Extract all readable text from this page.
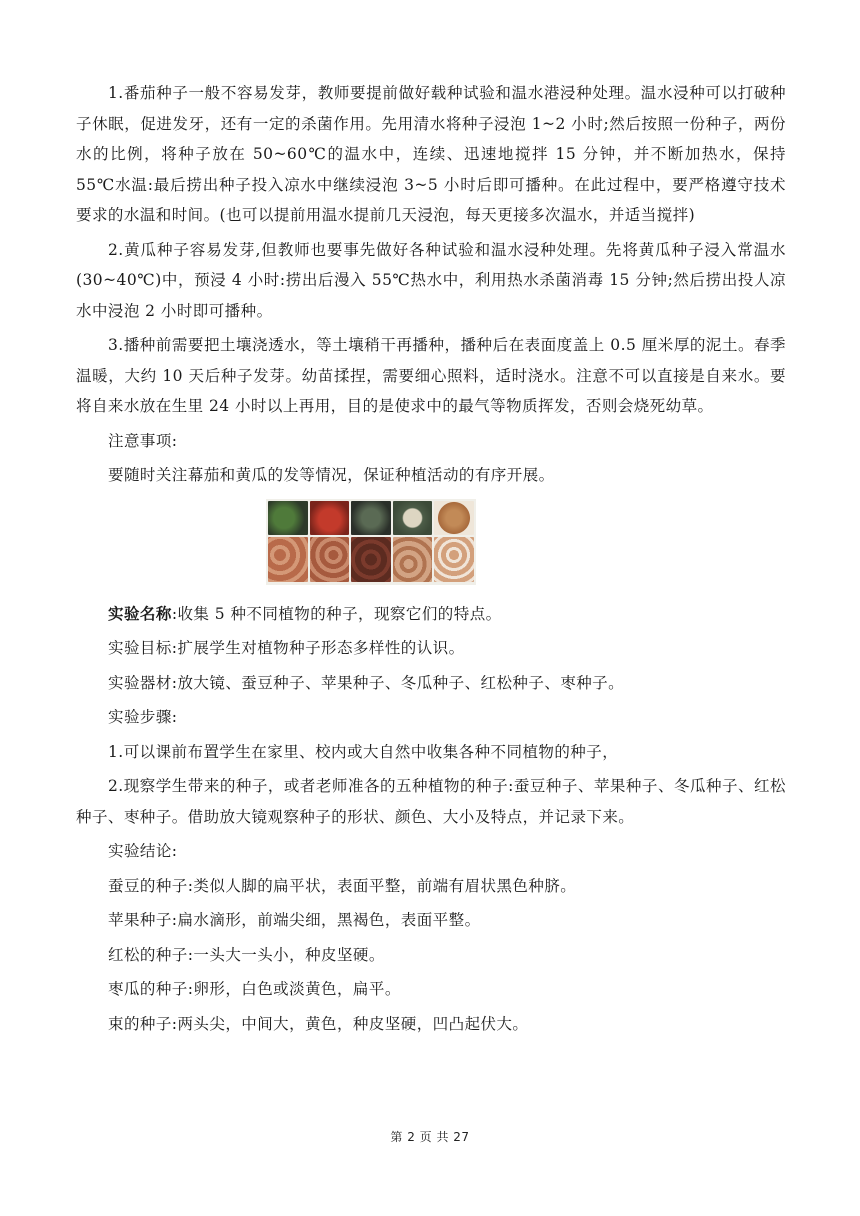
1.番茄种子一般不容易发芽，教师要提前做好载种试验和温水港浸种处理。温水浸种可以打破种子休眠，促进发牙，还有一定的杀菌作用。先用清水将种子浸泡 1~2 小时;然后按照一份种子，两份水的比例，将种子放在 50~60℃的温水中，连续、迅速地搅拌 15 分钟，并不断加热水，保持 55℃水温:最后捞出种子投入凉水中继续浸泡 3~5 小时后即可播种。在此过程中，要严格遵守技术要求的水温和时间。(也可以提前用温水提前几天浸泡，每天更接多次温水，并适当搅拌)

2.黄瓜种子容易发芽,但教师也要事先做好各种试验和温水浸种处理。先将黄瓜种子浸入常温水(30~40℃)中，预浸 4 小时:捞出后漫入 55℃热水中，利用热水杀菌消毒 15 分钟;然后捞出投人凉水中浸泡 2 小时即可播种。

3.播种前需要把土壤浇透水，等土壤稍干再播种，播种后在表面度盖上 0.5 厘米厚的泥土。春季温暖，大约 10 天后种子发芽。幼苗揉捏，需要细心照料，适时浇水。注意不可以直接是自来水。要将自来水放在生里 24 小时以上再用，目的是使求中的最气等物质挥发，否则会烧死幼草。

注意事项:

要随时关注幕茄和黄瓜的发等情况，保证种植活动的有序开展。

实验名称:收集 5 种不同植物的种子，现察它们的特点。

实验目标:扩展学生对植物种子形态多样性的认识。

实验器材:放大镜、蚕豆种子、苹果种子、冬瓜种子、红松种子、枣种子。

实验步骤:

1.可以课前布置学生在家里、校内或大自然中收集各种不同植物的种子，

2.现察学生带来的种子，或者老师准各的五种植物的种子:蚕豆种子、苹果种子、冬瓜种子、红松种子、枣种子。借助放大镜观察种子的形状、颜色、大小及特点，并记录下来。

实验结论:

蚕豆的种子:类似人脚的扁平状，表面平整，前端有眉状黑色种脐。

苹果种子:扁水滴形，前端尖细，黑褐色，表面平整。

红松的种子:一头大一头小，种皮坚硬。

枣瓜的种子:卵形，白色或淡黄色，扁平。

束的种子:两头尖，中间大，黄色，种皮坚硬，凹凸起伏大。

第 2 页 共 27
